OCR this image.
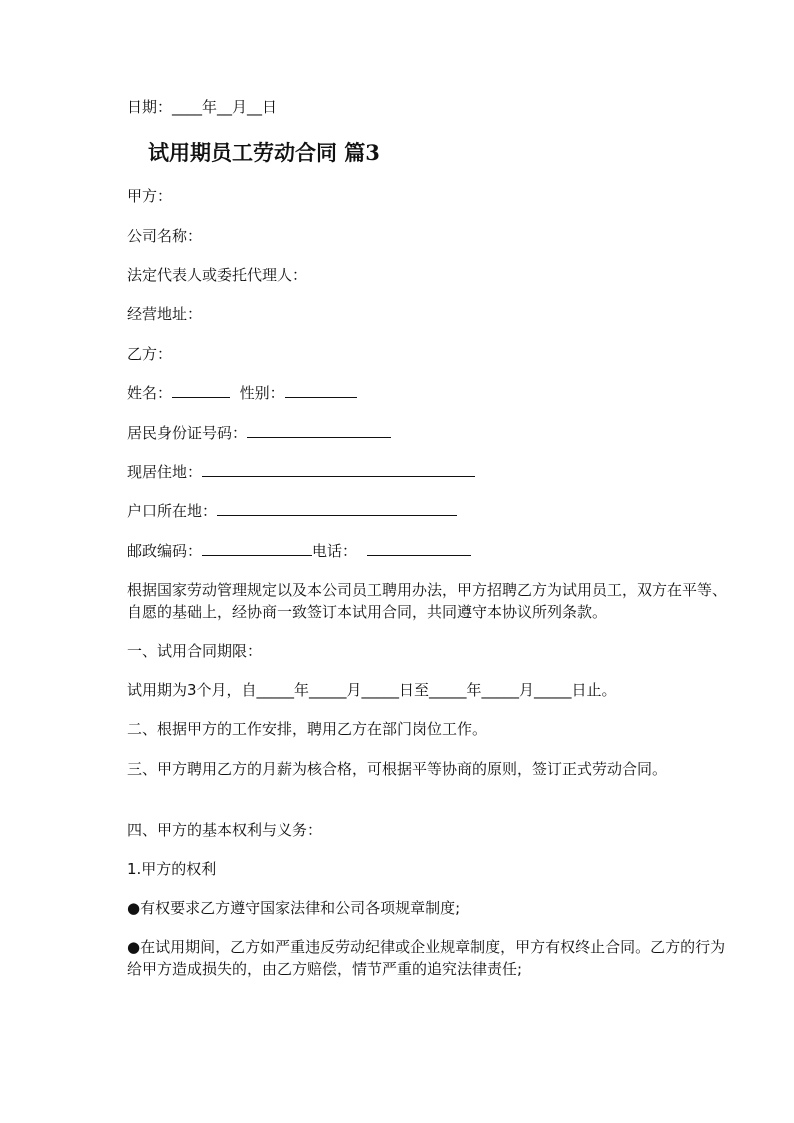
日期：____年__月__日
试用期员工劳动合同 篇3
甲方：
公司名称：
法定代表人或委托代理人：
经营地址：
乙方：
姓名：	性别：
居民身份证号码：
现居住地：
户口所在地：
邮政编码：	电话：
根据国家劳动管理规定以及本公司员工聘用办法，甲方招聘乙方为试用员工，双方在平等、自愿的基础上，经协商一致签订本试用合同，共同遵守本协议所列条款。
一、试用合同期限：
试用期为3个月，自_____年_____月_____日至_____年_____月_____日止。
二、根据甲方的工作安排，聘用乙方在部门岗位工作。
三、甲方聘用乙方的月薪为核合格，可根据平等协商的原则，签订正式劳动合同。
四、甲方的基本权利与义务：
1.甲方的权利
●有权要求乙方遵守国家法律和公司各项规章制度;
●在试用期间，乙方如严重违反劳动纪律或企业规章制度，甲方有权终止合同。乙方的行为给甲方造成损失的，由乙方赔偿，情节严重的追究法律责任;
